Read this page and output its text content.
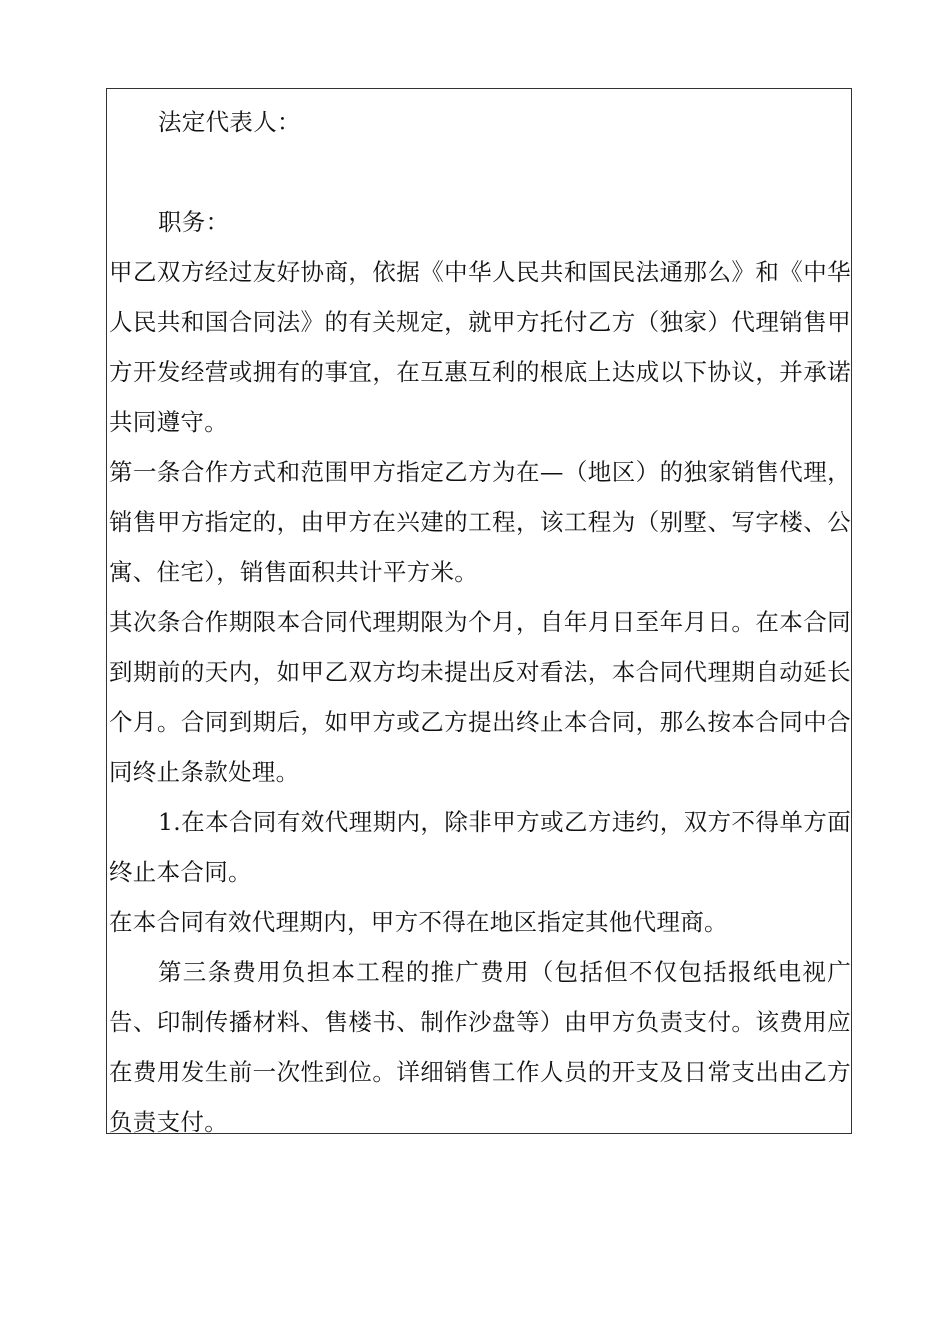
法定代表人：
职务：
甲乙双方经过友好协商，依据《中华人民共和国民法通那么》和《中华人民共和国合同法》的有关规定，就甲方托付乙方（独家）代理销售甲方开发经营或拥有的事宜，在互惠互利的根底上达成以下协议，并承诺共同遵守。
第一条合作方式和范围甲方指定乙方为在—（地区）的独家销售代理，销售甲方指定的，由甲方在兴建的工程，该工程为（别墅、写字楼、公寓、住宅），销售面积共计平方米。
其次条合作期限本合同代理期限为个月，自年月日至年月日。在本合同到期前的天内，如甲乙双方均未提出反对看法，本合同代理期自动延长个月。合同到期后，如甲方或乙方提出终止本合同，那么按本合同中合同终止条款处理。
1.在本合同有效代理期内，除非甲方或乙方违约，双方不得单方面终止本合同。
在本合同有效代理期内，甲方不得在地区指定其他代理商。
第三条费用负担本工程的推广费用（包括但不仅包括报纸电视广告、印制传播材料、售楼书、制作沙盘等）由甲方负责支付。该费用应在费用发生前一次性到位。详细销售工作人员的开支及日常支出由乙方负责支付。
